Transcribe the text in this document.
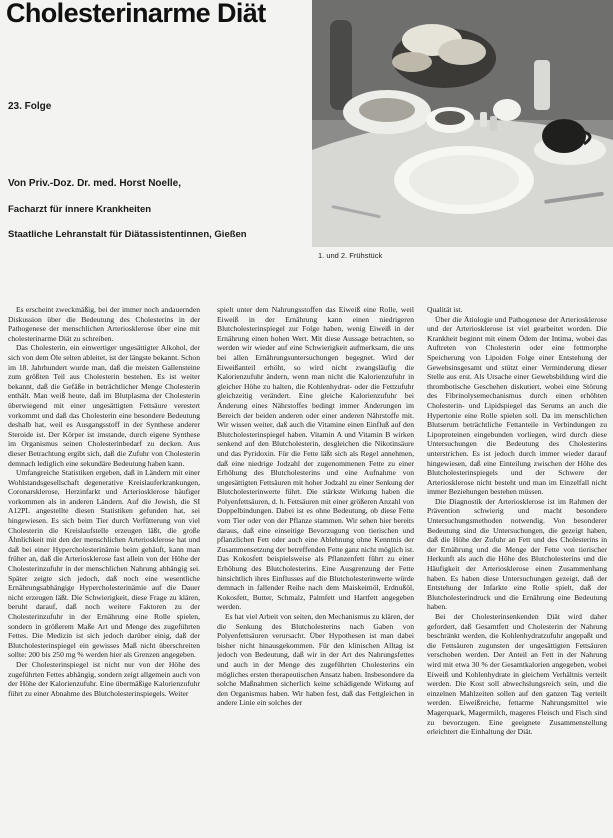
Cholesterinarme Diät
23. Folge
Von Priv.-Doz. Dr. med. Horst Noelle,
Facharzt für innere Krankheiten
Staatliche Lehranstalt für Diätassistentinnen, Gießen
1. und 2. Frühstück

Es erscheint zweckmäßig, bei der immer noch andauernden Diskussion über die Bedeutung des Cholesterins in der Pathogenese der menschlichen Arteriosklerose über eine mit cholesterinarme Diät zu schreiben.

Das Cholesterin, ein einwertiger ungesättigter Alkohol, der sich von dem Öle selten ableitet, ist der längste bekannt. Schon im 18. Jahrhundert wurde man, daß die meisten Gallensteine zum größten Teil aus Cholesterin bestehen. Es ist weiter bekannt, daß die Gefäße in beträchtlicher Menge Cholesterin enthält. Man weiß heute, daß im Blutplasma der Cholesterin überwiegend mit einer ungesättigten Fettsäure verestert vorkommt und daß das Cholesterin eine besondere Bedeutung deshalb hat, weil es Ausgangsstoff in der Synthese anderer Steroide ist. Der Körper ist imstande, durch eigene Synthese im Organismus seinen Cholesterinbedarf zu decken. Aus dieser Betrachtung ergibt sich, daß die Zufuhr von Cholesterin demnach lediglich eine sekundäre Bedeutung haben kann.

Umfangreiche Statistiken ergeben, daß in Ländern mit einer Wohlstandsgesellschaft degenerative Kreislauferkrankungen, Coronarsklerose, Herzinfarkt und Arteriosklerose häufiger vorkommen als in anderen Ländern. Auf die Jewish, die SI A12PL angestellte diesen Statistiken gefunden hat, sei hingewiesen. Es sich beim Tier durch Verfütterung von viel Cholesterin die Kreislaufstelle erzeugen läßt, die große Ähnlichkeit mit den der menschlichen Arteriosklerose hat und daß bei einer Hypercholesterinämie beim gehäuft, kann man früher an, daß die Arteriosklerose fast allein von der Höhe der Cholesterinzufuhr in der menschlichen Nahrung abhängig sei. Später zeigte sich jedoch, daß noch eine wesentliche Ernährungsabhängige Hypercholesterinämie auf die Dauer nicht erzeugen läßt. Die Schwierigkeit, diese Frage zu klären, beruht darauf, daß noch weitere Faktoren zu der Cholesterinzufuhr in der Ernährung eine Rolle spielen, sondern in größerem Maße Art und Menge des zugeführten Fettes. Die Medizin ist sich jedoch darüber einig, daß der Blutcholesterinspiegel ein gewisses Maß nicht überschreiten sollte: 200 bis 250 mg % werden hier als Grenzen angegeben.

Der Cholesterinspiegel ist nicht nur von der Höhe des zugeführten Fettes abhängig, sondern zeigt allgemein auch von der Höhe der Kalorienzufuhr. Eine übermäßige Kalorienzufuhr führt zu einer Abnahme des Blutcholesterinspiegels. Weiter

spielt unter dem Nahrungsstoffen das Eiweiß eine Rolle, weil Eiweiß in der Ernährung kann einen niedrigeren Blutcholesterinspiegel zur Folge haben, wenig Eiweiß in der Ernährung einen hohen Wert. Mit diese Aussage betrachten, so werden wir wieder auf eine Schwierigkeit aufmerksam, die uns bei allen Ernährungsuntersuchungen begegnet. Wird der Eiweißanteil erhöht, so wird nicht zwangsläufig die Kalorienzufuhr ändern, wenn man nicht die Kalorienzufuhr in gleicher Höhe zu halten, die Kohlenhydrat- oder die Fettzufuhr gleichzeitig verändert. Eine gleiche Kalorienzufuhr bei Änderung eines Nährstoffes bedingt immer Änderungen im Bereich der beiden anderen oder einer anderen Nährstoffe mit. Wir wissen weiter, daß auch die Vitamine einen Einfluß auf den Blutcholesterinspiegel haben. Vitamin A und Vitamin B wirken senkend auf den Blutcholesterin, desgleichen die Nikotinsäure und das Pyridoxin. Für die Fette läßt sich als Regel annehmen, daß eine niedrige Jodzahl der zugenommenen Fette zu einer Erhöhung des Blutcholesterins und eine Aufnahme von ungesättigten Fettsäuren mit hoher Jodzahl zu einer Senkung der Blutcholesterinwerte führt. Die stärkste Wirkung haben die Polyenfettsäuren, d. h. Fettsäuren mit einer größeren Anzahl von Doppelbindungen. Dabei ist es ohne Bedeutung, ob diese Fette vom Tier oder von der Pflanze stammen. Wir sehen hier bereits daraus, daß eine einseitige Bevorzugung von tierischen und pflanzlichen Fett oder auch eine Ablehnung ohne Kenntnis der Zusammensetzung der betreffenden Fette ganz nicht möglich ist. Das Kokosfett beispielsweise als Pflanzenfett führt zu einer Erhöhung des Blutcholesterins. Eine Ausgrenzung der Fette hinsichtlich ihres Einflusses auf die Blutcholesterinwerte würde demnach in fallender Reihe nach dem Maiskeimöl, Erdnußöl, Kokosfett, Butter, Schmalz, Palmfett und Hartfett angegeben werden.

Es hat viel Arbeit von seiten, den Mechanismus zu klären, der die Senkung des Blutcholesterins nach Gaben von Polyenfettsäuren verursacht. Über Hypothesen ist man dabei bisher nicht hinausgekommen. Für den klinischen Alltag ist jedoch von Bedeutung, daß wir in der Art des Nahrungsfettes und auch in der Menge des zugeführten Cholesterins ein mögliches ersten therapeutischen Ansatz haben. Insbesondere da solche Maßnahmen sicherlich keine schädigende Wirkung auf den Organismus haben. Wir haben fest, daß das Fettgleichen in andere Linie ein solches der

Qualität ist.

Über die Ätiologie und Pathogenese der Arteriosklerose und der Arteriosklerose ist viel gearbeitet worden. Die Krankheit beginnt mit einem Ödem der Intima, wobei das Auftreten von Cholesterin oder eine fettmorphe Speicherung von Lipoiden Folge einer Entstehung der Gewebsinsgesamt und stützt einer Verminderung dieser Stelle aus erst. Als Ursache einer Gewebsbildung wird die thrombotische Geschehen diskutiert, wobei eine Störung des Fibrinolysemechanismus durch einen erhöhten Cholesterin- und Lipidspiegel das Serums an auch die Hypertonie eine Rolle spielen soll. Da im menschlichen Blutserum beträchtliche Fettanteile in Verbindungen zu Lipoproteinen eingebunden vorliegen, wird durch diese Untersuchungen die Bedeutung des Cholesterins unterstrichen. Es ist jedoch durch immer wieder darauf hingewiesen, daß eine Einteilung zwischen der Höhe des Blutcholesterinspiegels und der Schwere der Arteriosklerose nicht besteht und man im Einzelfall nicht immer Beziehungen bestehen müssen.

Die Diagnostik der Arteriosklerose ist im Rahmen der Prävention schwierig und macht besondere Untersuchungsmethoden notwendig. Von besonderer Bedeutung sind die Untersuchungen, die gezeigt haben, daß die Höhe der Zufuhr an Fett und des Cholesterins in der Ernährung und die Menge der Fette von tierischer Herkunft als auch die Höhe des Blutcholesterins und die Häufigkeit der Arteriosklerose einen Zusammenhang haben. Es haben diese Untersuchungen gezeigt, daß der Entstehung der Infarkte eine Rolle spielt, daß der Blutcholesterindruck und die Ernährung eine Bedeutung haben.

Bei der Cholesterinsenkenden Diät wird daher gefordert, daß Gesamtfett und Cholesterin der Nahrung beschränkt werden, die Kohlenhydratzufuhr angepaßt und die Fettsäuren zugunsten der ungesättigten Fettsäuren verschoben werden. Der Anteil an Fett in der Nahrung wird mit etwa 30 % der Gesamtkalorien angegeben, wobei Eiweiß und Kohlenhydrate in gleichem Verhältnis verteilt werden. Die Kost soll abwechslungsreich sein, und die einzelnen Mahlzeiten sollen auf den ganzen Tag verteilt werden. Eiweißreiche, fettarme Nahrungsmittel wie Magerquark, Magermilch, mageres Fleisch und Fisch sind zu bevorzugen. Eine geeignete Zusammenstellung erleichtert die Einhaltung der Diät.
